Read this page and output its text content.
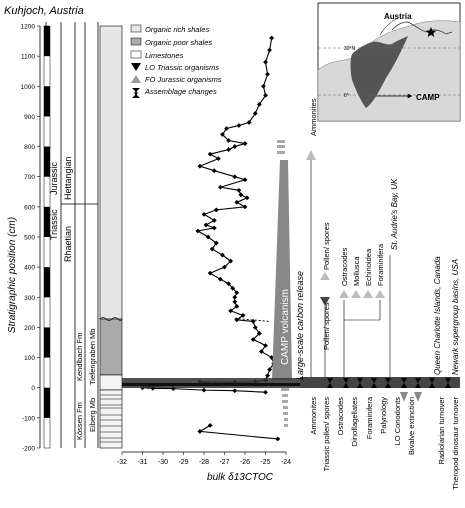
Kuhjoch, Austria
Stratigraphic position (cm)
-200
-100
0
100
200
300
400
500
600
700
800
900
1000
1100
1200
Triassic
Jurassic
Rhaetian
Hettangian
Kössen Fm
Kendlbach Fm
Eiberg Mb
Tiefengraben Mb
Organic rich shales
Organic poor shales
Limestones
LO Triassic organisms
FO Jurassic organisms
Assemblage changes
-32 -31 -30 -29 -28 -27 -26 -25 -24
bulk δ13CTOC
CAMP volcanism Large-scale carbon release
Ammonites
Pollen/ spores
Pollen/ spores
Ostracodes Mollusca Echinoidea Foraminifera
St. Audrie's Bay, UK
Queen Charlotte Islands, Canada Newark supergroup basins, USA
Ammonites Triassic pollen/ spores Ostracodes Dinoflagellates Foraminifera Palynology LO Conodonts Bivalve extinction	Radiolarian turnover Theropod dinosaur turnover
Austria
CAMP
30°N
0°
